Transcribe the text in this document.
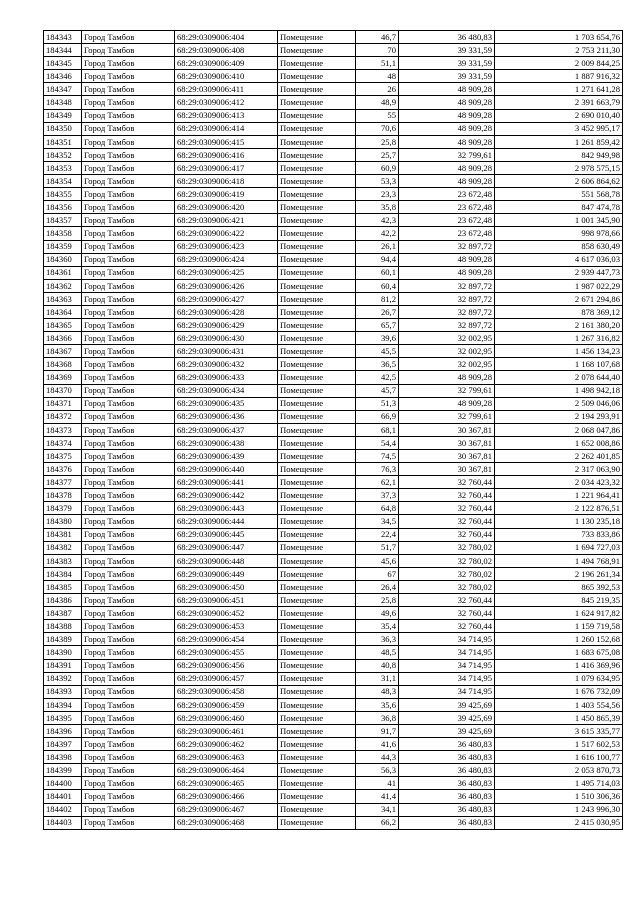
184343	Город Тамбов	68:29:0309006:404	Помещение	46,7	36 480,83	1 703 654,76
184344	Город Тамбов	68:29:0309006:408	Помещение	70	39 331,59	2 753 211,30
184345	Город Тамбов	68:29:0309006:409	Помещение	51,1	39 331,59	2 009 844,25
184346	Город Тамбов	68:29:0309006:410	Помещение	48	39 331,59	1 887 916,32
184347	Город Тамбов	68:29:0309006:411	Помещение	26	48 909,28	1 271 641,28
184348	Город Тамбов	68:29:0309006:412	Помещение	48,9	48 909,28	2 391 663,79
184349	Город Тамбов	68:29:0309006:413	Помещение	55	48 909,28	2 690 010,40
184350	Город Тамбов	68:29:0309006:414	Помещение	70,6	48 909,28	3 452 995,17
184351	Город Тамбов	68:29:0309006:415	Помещение	25,8	48 909,28	1 261 859,42
184352	Город Тамбов	68:29:0309006:416	Помещение	25,7	32 799,61	842 949,98
184353	Город Тамбов	68:29:0309006:417	Помещение	60,9	48 909,28	2 978 575,15
184354	Город Тамбов	68:29:0309006:418	Помещение	53,3	48 909,28	2 606 864,62
184355	Город Тамбов	68:29:0309006:419	Помещение	23,3	23 672,48	551 568,78
184356	Город Тамбов	68:29:0309006:420	Помещение	35,8	23 672,48	847 474,78
184357	Город Тамбов	68:29:0309006:421	Помещение	42,3	23 672,48	1 001 345,90
184358	Город Тамбов	68:29:0309006:422	Помещение	42,2	23 672,48	998 978,66
184359	Город Тамбов	68:29:0309006:423	Помещение	26,1	32 897,72	858 630,49
184360	Город Тамбов	68:29:0309006:424	Помещение	94,4	48 909,28	4 617 036,03
184361	Город Тамбов	68:29:0309006:425	Помещение	60,1	48 909,28	2 939 447,73
184362	Город Тамбов	68:29:0309006:426	Помещение	60,4	32 897,72	1 987 022,29
184363	Город Тамбов	68:29:0309006:427	Помещение	81,2	32 897,72	2 671 294,86
184364	Город Тамбов	68:29:0309006:428	Помещение	26,7	32 897,72	878 369,12
184365	Город Тамбов	68:29:0309006:429	Помещение	65,7	32 897,72	2 161 380,20
184366	Город Тамбов	68:29:0309006:430	Помещение	39,6	32 002,95	1 267 316,82
184367	Город Тамбов	68:29:0309006:431	Помещение	45,5	32 002,95	1 456 134,23
184368	Город Тамбов	68:29:0309006:432	Помещение	36,5	32 002,95	1 168 107,68
184369	Город Тамбов	68:29:0309006:433	Помещение	42,5	48 909,28	2 078 644,40
184370	Город Тамбов	68:29:0309006:434	Помещение	45,7	32 799,61	1 498 942,18
184371	Город Тамбов	68:29:0309006:435	Помещение	51,3	48 909,28	2 509 046,06
184372	Город Тамбов	68:29:0309006:436	Помещение	66,9	32 799,61	2 194 293,91
184373	Город Тамбов	68:29:0309006:437	Помещение	68,1	30 367,81	2 068 047,86
184374	Город Тамбов	68:29:0309006:438	Помещение	54,4	30 367,81	1 652 008,86
184375	Город Тамбов	68:29:0309006:439	Помещение	74,5	30 367,81	2 262 401,85
184376	Город Тамбов	68:29:0309006:440	Помещение	76,3	30 367,81	2 317 063,90
184377	Город Тамбов	68:29:0309006:441	Помещение	62,1	32 760,44	2 034 423,32
184378	Город Тамбов	68:29:0309006:442	Помещение	37,3	32 760,44	1 221 964,41
184379	Город Тамбов	68:29:0309006:443	Помещение	64,8	32 760,44	2 122 876,51
184380	Город Тамбов	68:29:0309006:444	Помещение	34,5	32 760,44	1 130 235,18
184381	Город Тамбов	68:29:0309006:445	Помещение	22,4	32 760,44	733 833,86
184382	Город Тамбов	68:29:0309006:447	Помещение	51,7	32 780,02	1 694 727,03
184383	Город Тамбов	68:29:0309006:448	Помещение	45,6	32 780,02	1 494 768,91
184384	Город Тамбов	68:29:0309006:449	Помещение	67	32 780,02	2 196 261,34
184385	Город Тамбов	68:29:0309006:450	Помещение	26,4	32 780,02	865 392,53
184386	Город Тамбов	68:29:0309006:451	Помещение	25,8	32 760,44	845 219,35
184387	Город Тамбов	68:29:0309006:452	Помещение	49,6	32 760,44	1 624 917,82
184388	Город Тамбов	68:29:0309006:453	Помещение	35,4	32 760,44	1 159 719,58
184389	Город Тамбов	68:29:0309006:454	Помещение	36,3	34 714,95	1 260 152,68
184390	Город Тамбов	68:29:0309006:455	Помещение	48,5	34 714,95	1 683 675,08
184391	Город Тамбов	68:29:0309006:456	Помещение	40,8	34 714,95	1 416 369,96
184392	Город Тамбов	68:29:0309006:457	Помещение	31,1	34 714,95	1 079 634,95
184393	Город Тамбов	68:29:0309006:458	Помещение	48,3	34 714,95	1 676 732,09
184394	Город Тамбов	68:29:0309006:459	Помещение	35,6	39 425,69	1 403 554,56
184395	Город Тамбов	68:29:0309006:460	Помещение	36,8	39 425,69	1 450 865,39
184396	Город Тамбов	68:29:0309006:461	Помещение	91,7	39 425,69	3 615 335,77
184397	Город Тамбов	68:29:0309006:462	Помещение	41,6	36 480,83	1 517 602,53
184398	Город Тамбов	68:29:0309006:463	Помещение	44,3	36 480,83	1 616 100,77
184399	Город Тамбов	68:29:0309006:464	Помещение	56,3	36 480,83	2 053 870,73
184400	Город Тамбов	68:29:0309006:465	Помещение	41	36 480,83	1 495 714,03
184401	Город Тамбов	68:29:0309006:466	Помещение	41,4	36 480,83	1 510 306,36
184402	Город Тамбов	68:29:0309006:467	Помещение	34,1	36 480,83	1 243 996,30
184403	Город Тамбов	68:29:0309006:468	Помещение	66,2	36 480,83	2 415 030,95
